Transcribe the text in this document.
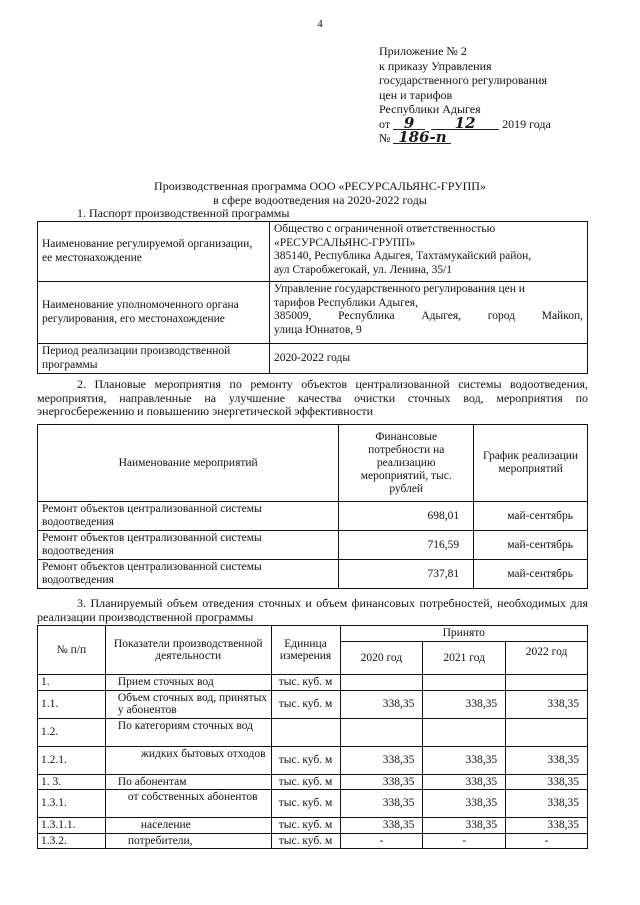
4
Приложение № 2
к приказу Управления
государственного регулирования
цен и тарифов
Республики Адыгея
от 9	12 2019 года
№ 186-п
Производственная программа ООО «РЕСУРСАЛЬЯНС-ГРУПП»
в сфере водоотведения на 2020-2022 годы
1. Паспорт производственной программы
Наименование регулируемой организации, ее местонахождение	Общество с ограниченной ответственностью
«РЕСУРСАЛЬЯНС-ГРУПП»
385140, Республика Адыгея, Тахтамукайский район,
аул Старобжегокай, ул. Ленина, 35/1

Наименование уполномоченного органа регулирования, его местонахождение	Управление государственного регулирования цен и
тарифов Республики Адыгея,
385009, Республика Адыгея, город Майкоп,
улица Юннатов, 9

Период реализации производственной программы	2020-2022 годы
2. Плановые мероприятия по ремонту объектов централизованной системы водоотведения, мероприятия, направленные на улучшение качества очистки сточных вод, мероприятия по энергосбережению и повышению энергетической эффективности
Наименование мероприятий	Финансовые потребности на реализацию мероприятий, тыс. рублей	График реализации мероприятий
Ремонт объектов централизованной системы водоотведения	698,01	май-сентябрь
Ремонт объектов централизованной системы водоотведения	716,59	май-сентябрь
Ремонт объектов централизованной системы водоотведения	737,81	май-сентябрь
3. Планируемый объем отведения сточных и объем финансовых потребностей, необходимых для реализации производственной программы
№ п/п	Показатели производственной деятельности	Единица измерения	Принято		
			2020 год	2021 год	2022 год
1.	Прием сточных вод	тыс. куб. м			
1.1.	Объем сточных вод, принятых у абонентов	тыс. куб. м	338,35	338,35	338,35
1.2.	По категориям сточных вод				
1.2.1.	жидких бытовых отходов	тыс. куб. м	338,35	338,35	338,35
1. 3.	По абонентам	тыс. куб. м	338,35	338,35	338,35
1.3.1.	от собственных абонентов	тыс. куб. м	338,35	338,35	338,35
1.3.1.1.	население	тыс. куб. м	338,35	338,35	338,35
1.3.2.	потребители,	тыс. куб. м	-	-	-
